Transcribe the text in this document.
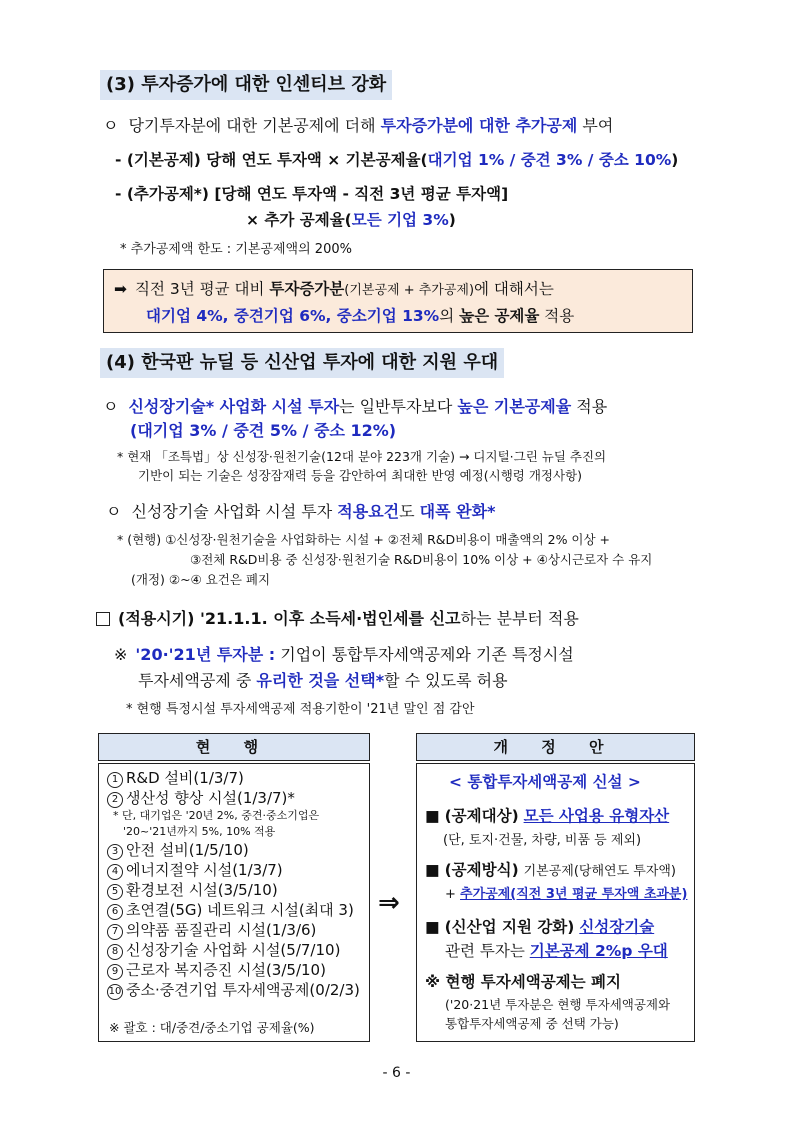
(3) 투자증가에 대한 인센티브 강화
ㅇ 당기투자분에 대한 기본공제에 더해 투자증가분에 대한 추가공제 부여
- (기본공제) 당해 연도 투자액 × 기본공제율(대기업 1% / 중견 3% / 중소 10%)
- (추가공제*) [당해 연도 투자액 - 직전 3년 평균 투자액]
× 추가 공제율(모든 기업 3%)
* 추가공제액 한도 : 기본공제액의 200%
➡ 직전 3년 평균 대비 투자증가분(기본공제 + 추가공제)에 대해서는
대기업 4%, 중견기업 6%, 중소기업 13%의 높은 공제율 적용
(4) 한국판 뉴딜 등 신산업 투자에 대한 지원 우대
ㅇ 신성장기술* 사업화 시설 투자는 일반투자보다 높은 기본공제율 적용
(대기업 3% / 중견 5% / 중소 12%)
* 현재 「조특법」상 신성장·원천기술(12대 분야 223개 기술) → 디지털·그린 뉴딜 추진의
기반이 되는 기술은 성장잠재력 등을 감안하여 최대한 반영 예정(시행령 개정사항)
ㅇ 신성장기술 사업화 시설 투자 적용요건도 대폭 완화*
* (현행) ①신성장·원천기술을 사업화하는 시설 + ②전체 R&D비용이 매출액의 2% 이상 +
③전체 R&D비용 중 신성장·원천기술 R&D비용이 10% 이상 + ④상시근로자 수 유지
(개정) ②~④ 요건은 폐지
(적용시기) '21.1.1. 이후 소득세·법인세를 신고하는 분부터 적용
※ '20·'21년 투자분 : 기업이 통합투자세액공제와 기존 특정시설
투자세액공제 중 유리한 것을 선택*할 수 있도록 허용
* 현행 특정시설 투자세액공제 적용기한이 '21년 말인 점 감안
현 행	개 정 안
1 R&D 설비(1/3/7)
2 생산성 향상 시설(1/3/7)*
* 단, 대기업은 '20년 2%, 중견·중소기업은
'20~'21년까지 5%, 10% 적용
3 안전 설비(1/5/10)
4 에너지절약 시설(1/3/7)
5 환경보전 시설(3/5/10)
6 초연결(5G) 네트워크 시설(최대 3)
7 의약품 품질관리 시설(1/3/6)
8 신성장기술 사업화 시설(5/7/10)
9 근로자 복지증진 시설(3/5/10)
10 중소·중견기업 투자세액공제(0/2/3)
※ 괄호 : 대/중견/중소기업 공제율(%)
⇒
< 통합투자세액공제 신설 >
■ (공제대상) 모든 사업용 유형자산
(단, 토지·건물, 차량, 비품 등 제외)
■ (공제방식) 기본공제(당해연도 투자액)
+ 추가공제(직전 3년 평균 투자액 초과분)
■ (신산업 지원 강화) 신성장기술
관련 투자는 기본공제 2%p 우대
※ 현행 투자세액공제는 폐지
('20·21년 투자분은 현행 투자세액공제와
통합투자세액공제 중 선택 가능)
- 6 -
